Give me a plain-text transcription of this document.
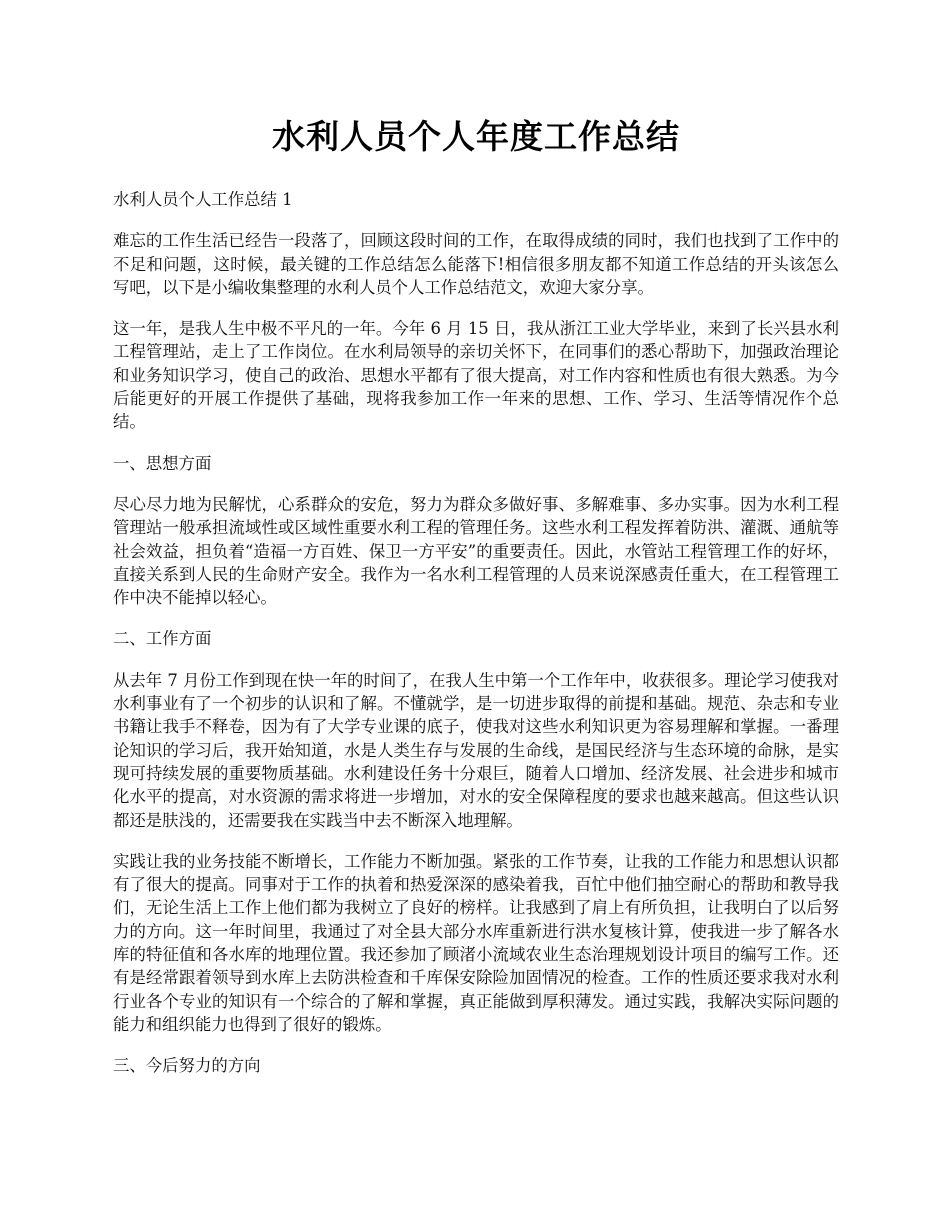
水利人员个人年度工作总结

水利人员个人工作总结 1

难忘的工作生活已经告一段落了，回顾这段时间的工作，在取得成绩的同时，我们也找到了工作中的不足和问题，这时候，最关键的工作总结怎么能落下!相信很多朋友都不知道工作总结的开头该怎么写吧，以下是小编收集整理的水利人员个人工作总结范文，欢迎大家分享。

这一年，是我人生中极不平凡的一年。今年 6 月 15 日，我从浙江工业大学毕业，来到了长兴县水利工程管理站，走上了工作岗位。在水利局领导的亲切关怀下，在同事们的悉心帮助下，加强政治理论和业务知识学习，使自己的政治、思想水平都有了很大提高，对工作内容和性质也有很大熟悉。为今后能更好的开展工作提供了基础，现将我参加工作一年来的思想、工作、学习、生活等情况作个总结。

一、思想方面

尽心尽力地为民解忧，心系群众的安危，努力为群众多做好事、多解难事、多办实事。因为水利工程管理站一般承担流域性或区域性重要水利工程的管理任务。这些水利工程发挥着防洪、灌溉、通航等社会效益，担负着“造福一方百姓、保卫一方平安”的重要责任。因此，水管站工程管理工作的好坏，直接关系到人民的生命财产安全。我作为一名水利工程管理的人员来说深感责任重大，在工程管理工作中决不能掉以轻心。

二、工作方面

从去年 7 月份工作到现在快一年的时间了，在我人生中第一个工作年中，收获很多。理论学习使我对水利事业有了一个初步的认识和了解。不懂就学，是一切进步取得的前提和基础。规范、杂志和专业书籍让我手不释卷，因为有了大学专业课的底子，使我对这些水利知识更为容易理解和掌握。一番理论知识的学习后，我开始知道，水是人类生存与发展的生命线，是国民经济与生态环境的命脉，是实现可持续发展的重要物质基础。水利建设任务十分艰巨，随着人口增加、经济发展、社会进步和城市化水平的提高，对水资源的需求将进一步增加，对水的安全保障程度的要求也越来越高。但这些认识都还是肤浅的，还需要我在实践当中去不断深入地理解。

实践让我的业务技能不断增长，工作能力不断加强。紧张的工作节奏，让我的工作能力和思想认识都有了很大的提高。同事对于工作的执着和热爱深深的感染着我，百忙中他们抽空耐心的帮助和教导我们，无论生活上工作上他们都为我树立了良好的榜样。让我感到了肩上有所负担，让我明白了以后努力的方向。这一年时间里，我通过了对全县大部分水库重新进行洪水复核计算，使我进一步了解各水库的特征值和各水库的地理位置。我还参加了顾渚小流域农业生态治理规划设计项目的编写工作。还有是经常跟着领导到水库上去防洪检查和千库保安除险加固情况的检查。工作的性质还要求我对水利行业各个专业的知识有一个综合的了解和掌握，真正能做到厚积薄发。通过实践，我解决实际问题的能力和组织能力也得到了很好的锻炼。

三、今后努力的方向
